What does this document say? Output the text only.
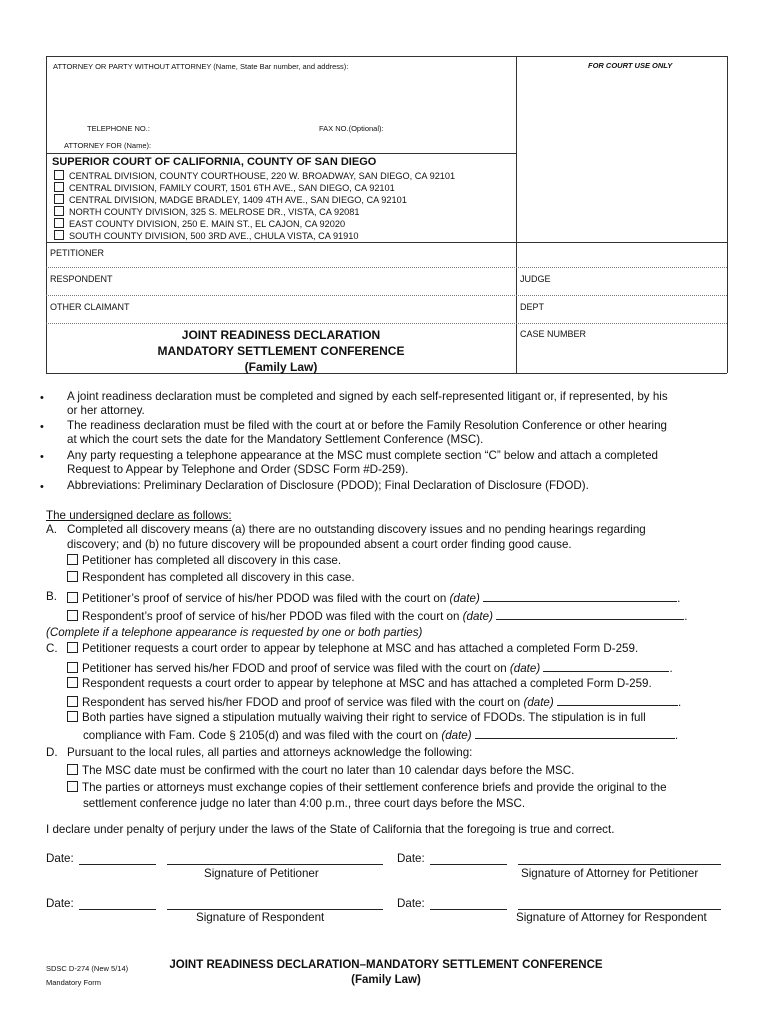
ATTORNEY OR PARTY WITHOUT ATTORNEY (Name, State Bar number, and address):	FOR COURT USE ONLY
TELEPHONE NO.:	FAX NO.(Optional):
ATTORNEY FOR (Name):
SUPERIOR COURT OF CALIFORNIA, COUNTY OF SAN DIEGO
CENTRAL DIVISION, COUNTY COURTHOUSE, 220 W. BROADWAY, SAN DIEGO, CA 92101
CENTRAL DIVISION, FAMILY COURT, 1501 6TH AVE., SAN DIEGO, CA 92101
CENTRAL DIVISION, MADGE BRADLEY, 1409 4TH AVE., SAN DIEGO, CA 92101
NORTH COUNTY DIVISION, 325 S. MELROSE DR., VISTA, CA 92081
EAST COUNTY DIVISION, 250 E. MAIN ST., EL CAJON, CA 92020
SOUTH COUNTY DIVISION, 500 3RD AVE., CHULA VISTA, CA 91910
PETITIONER
RESPONDENT
OTHER CLAIMANT
JUDGE
DEPT
CASE NUMBER
JOINT READINESS DECLARATION
MANDATORY SETTLEMENT CONFERENCE
(Family Law)
• A joint readiness declaration must be completed and signed by each self-represented litigant or, if represented, by his
or her attorney.
• The readiness declaration must be filed with the court at or before the Family Resolution Conference or other hearing
at which the court sets the date for the Mandatory Settlement Conference (MSC).
• Any party requesting a telephone appearance at the MSC must complete section “C” below and attach a completed
Request to Appear by Telephone and Order (SDSC Form #D-259).
• Abbreviations: Preliminary Declaration of Disclosure (PDOD); Final Declaration of Disclosure (FDOD).
The undersigned declare as follows:
A. Completed all discovery means (a) there are no outstanding discovery issues and no pending hearings regarding
discovery; and (b) no future discovery will be propounded absent a court order finding good cause.
Petitioner has completed all discovery in this case.
Respondent has completed all discovery in this case.
B.	Petitioner’s proof of service of his/her PDOD was filed with the court on (date)	.
Respondent’s proof of service of his/her PDOD was filed with the court on (date)	.
(Complete if a telephone appearance is requested by one or both parties)
C.	Petitioner requests a court order to appear by telephone at MSC and has attached a completed Form D-259.
Petitioner has served his/her FDOD and proof of service was filed with the court on (date)	.
Respondent requests a court order to appear by telephone at MSC and has attached a completed Form D-259.
Respondent has served his/her FDOD and proof of service was filed with the court on (date)	.
Both parties have signed a stipulation mutually waiving their right to service of FDODs. The stipulation is in full
compliance with Fam. Code § 2105(d) and was filed with the court on (date)	.
D. Pursuant to the local rules, all parties and attorneys acknowledge the following:
The MSC date must be confirmed with the court no later than 10 calendar days before the MSC.
The parties or attorneys must exchange copies of their settlement conference briefs and provide the original to the
settlement conference judge no later than 4:00 p.m., three court days before the MSC.
I declare under penalty of perjury under the laws of the State of California that the foregoing is true and correct.
Date:
Signature of Petitioner
Date:
Signature of Attorney for Petitioner
Date:
Signature of Respondent
Date:
Signature of Attorney for Respondent
SDSC D-274 (New 5/14)
Mandatory Form
JOINT READINESS DECLARATION–MANDATORY SETTLEMENT CONFERENCE
(Family Law)
